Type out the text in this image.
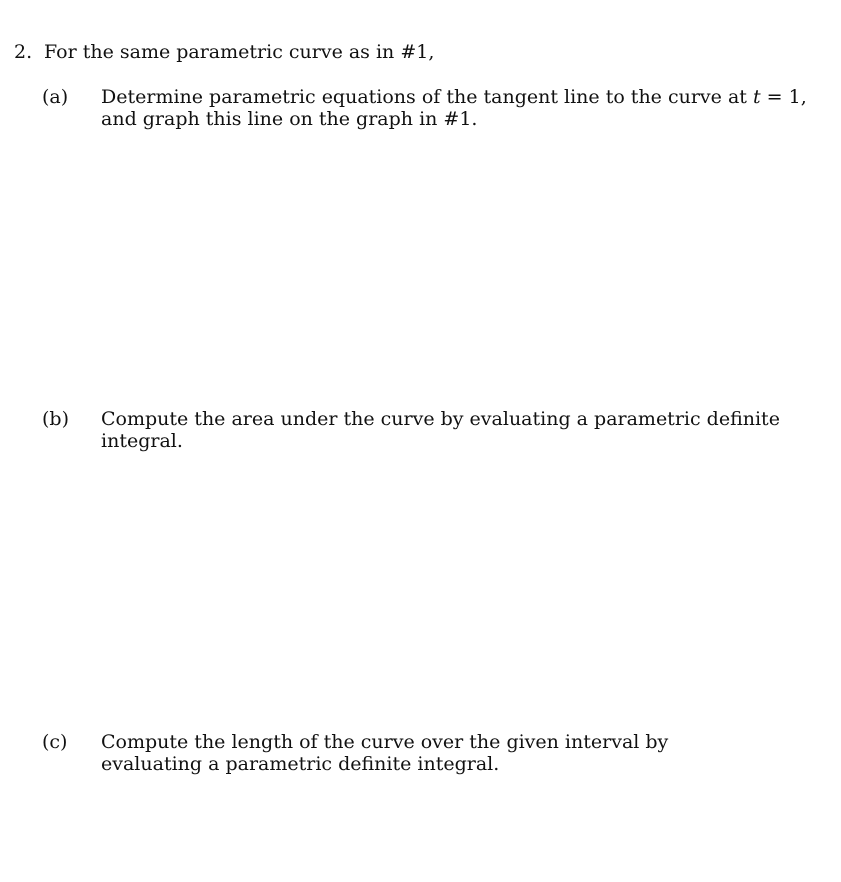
2. For the same parametric curve as in #1,
(a) Determine parametric equations of the tangent line to the curve at t = 1, and graph this line on the graph in #1.
(b) Compute the area under the curve by evaluating a parametric definite integral.
(c) Compute the length of the curve over the given interval by evaluating a parametric definite integral.
